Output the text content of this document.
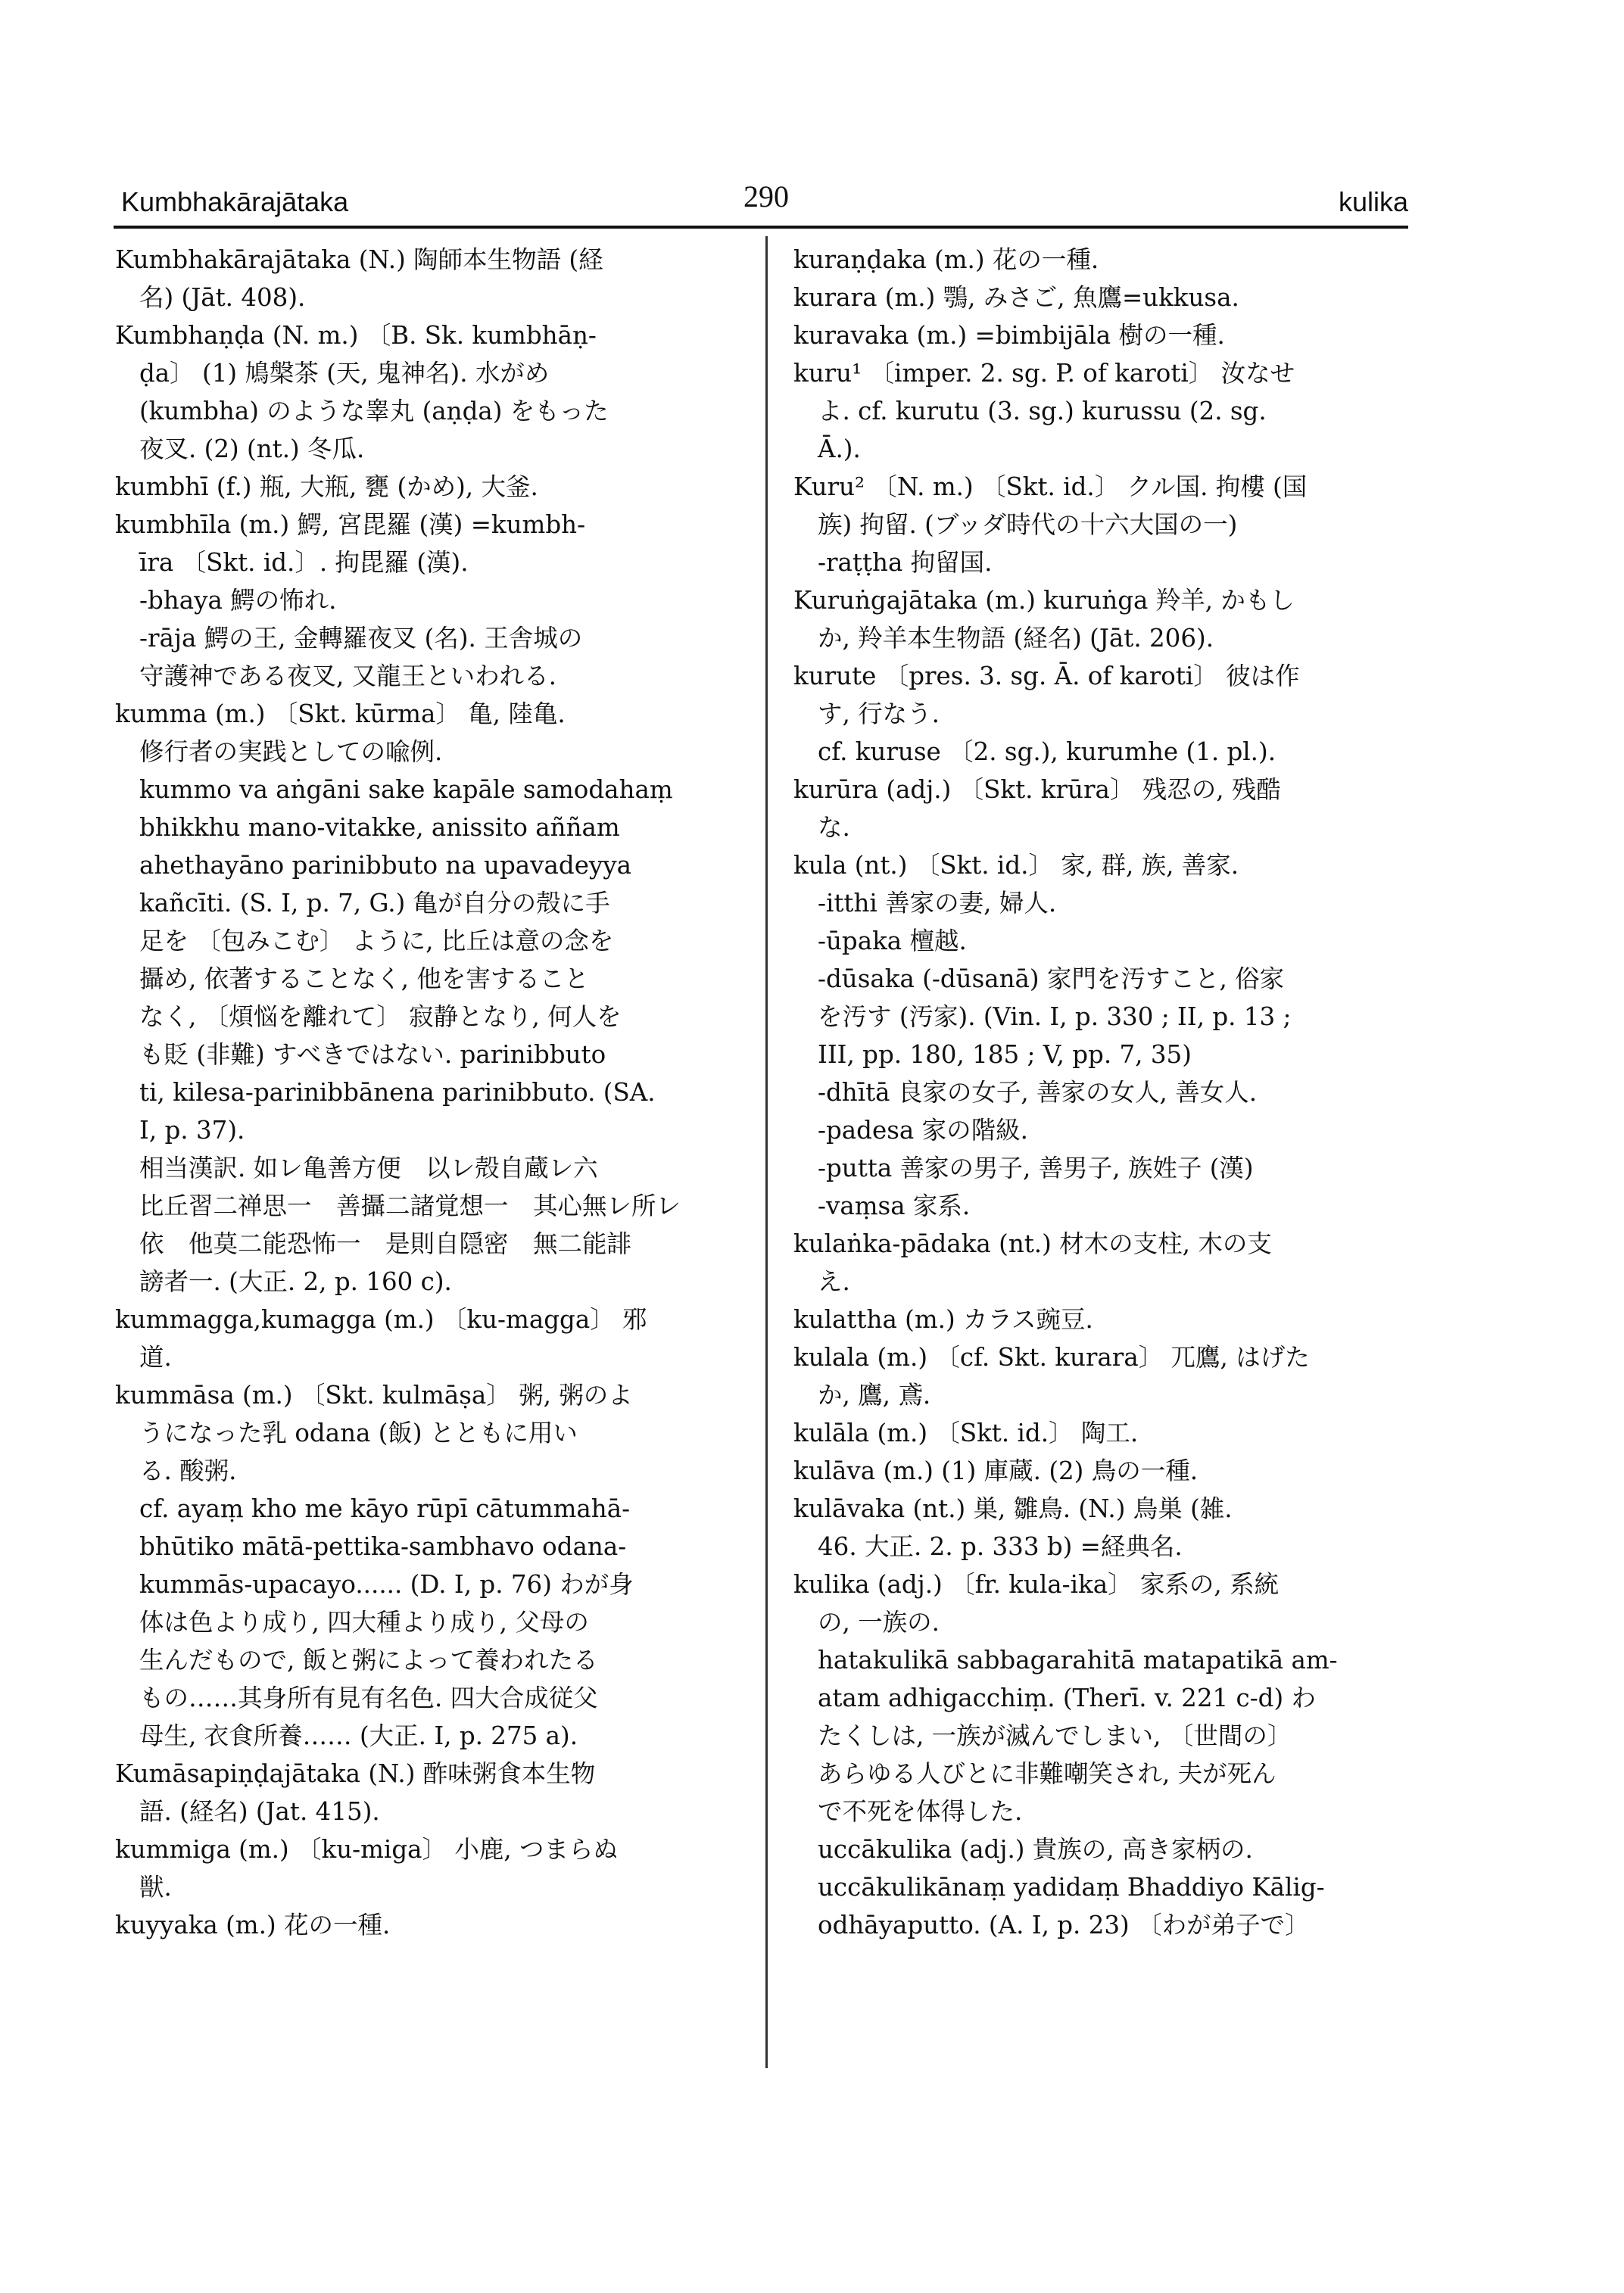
Kumbhakārajātaka	290	kulika
Kumbhakārajātaka (N.) 陶師本生物語 (経
名) (Jāt. 408).
Kumbhaṇḍa (N. m.) 〔B. Sk. kumbhāṇ-
ḍa〕 (1) 鳩槃茶 (天, 鬼神名). 水がめ
(kumbha) のような睾丸 (aṇḍa) をもった
夜叉. (2) (nt.) 冬瓜.
kumbhī (f.) 瓶, 大瓶, 甕 (かめ), 大釜.
kumbhīla (m.) 鰐, 宮毘羅 (漢) =kumbh-
īra 〔Skt. id.〕. 拘毘羅 (漢).
-bhaya 鰐の怖れ.
-rāja 鰐の王, 金轉羅夜叉 (名). 王舎城の
守護神である夜叉, 又龍王といわれる.
kumma (m.) 〔Skt. kūrma〕 亀, 陸亀.
修行者の実践としての喩例.
kummo va aṅgāni sake kapāle samodahaṃ
bhikkhu mano-vitakke, anissito aññam
ahethayāno parinibbuto na upavadeyya
kañcīti. (S. I, p. 7, G.) 亀が自分の殻に手
足を 〔包みこむ〕 ように, 比丘は意の念を
攝め, 依著することなく, 他を害すること
なく, 〔煩悩を離れて〕 寂静となり, 何人を
も貶 (非難) すべきではない. parinibbuto
ti, kilesa-parinibbānena parinibbuto. (SA.
I, p. 37).
相当漢訳. 如レ亀善方便　以レ殻自蔵レ六
比丘習二禅思一　善攝二諸覚想一　其心無レ所レ
依　他莫二能恐怖一　是則自隠密　無二能誹
謗者一. (大正. 2, p. 160 c).
kummagga,kumagga (m.) 〔ku-magga〕 邪
道.
kummāsa (m.) 〔Skt. kulmāṣa〕 粥, 粥のよ
うになった乳 odana (飯) とともに用い
る. 酸粥.
cf. ayaṃ kho me kāyo rūpī cātummahā-
bhūtiko mātā-pettika-sambhavo odana-
kummās-upacayo...... (D. I, p. 76) わが身
体は色より成り, 四大種より成り, 父母の
生んだもので, 飯と粥によって養われたる
もの……其身所有見有名色. 四大合成従父
母生, 衣食所養…… (大正. I, p. 275 a).
Kumāsapiṇḍajātaka (N.) 酢味粥食本生物
語. (経名) (Jat. 415).
kummiga (m.) 〔ku-miga〕 小鹿, つまらぬ
獣.
kuyyaka (m.) 花の一種.
kuraṇḍaka (m.) 花の一種.
kurara (m.) 鶚, みさご, 魚鷹=ukkusa.
kuravaka (m.) =bimbijāla 樹の一種.
kuru¹ 〔imper. 2. sg. P. of karoti〕 汝なせ
よ. cf. kurutu (3. sg.) kurussu (2. sg.
Ā.).
Kuru² 〔N. m.) 〔Skt. id.〕 クル国. 拘樓 (国
族) 拘留. (ブッダ時代の十六大国の一)
-raṭṭha 拘留国.
Kuruṅgajātaka (m.) kuruṅga 羚羊, かもし
か, 羚羊本生物語 (経名) (Jāt. 206).
kurute 〔pres. 3. sg. Ā. of karoti〕 彼は作
す, 行なう.
cf. kuruse 〔2. sg.), kurumhe (1. pl.).
kurūra (adj.) 〔Skt. krūra〕 残忍の, 残酷
な.
kula (nt.) 〔Skt. id.〕 家, 群, 族, 善家.
-itthi 善家の妻, 婦人.
-ūpaka 檀越.
-dūsaka (-dūsanā) 家門を汚すこと, 俗家
を汚す (汚家). (Vin. I, p. 330 ; II, p. 13 ;
III, pp. 180, 185 ; V, pp. 7, 35)
-dhītā 良家の女子, 善家の女人, 善女人.
-padesa 家の階級.
-putta 善家の男子, 善男子, 族姓子 (漢)
-vaṃsa 家系.
kulaṅka-pādaka (nt.) 材木の支柱, 木の支
え.
kulattha (m.) カラス豌豆.
kulala (m.) 〔cf. Skt. kurara〕 兀鷹, はげた
か, 鷹, 鳶.
kulāla (m.) 〔Skt. id.〕 陶工.
kulāva (m.) (1) 庫蔵. (2) 鳥の一種.
kulāvaka (nt.) 巣, 雛鳥. (N.) 鳥巣 (雑.
46. 大正. 2. p. 333 b) =経典名.
kulika (adj.) 〔fr. kula-ika〕 家系の, 系統
の, 一族の.
hatakulikā sabbagarahitā matapatikā am-
atam adhigacchiṃ. (Therī. v. 221 c-d) わ
たくしは, 一族が滅んでしまい, 〔世間の〕
あらゆる人びとに非難嘲笑され, 夫が死ん
で不死を体得した.
uccākulika (adj.) 貴族の, 高き家柄の.
uccākulikānaṃ yadidaṃ Bhaddiyo Kālig-
odhāyaputto. (A. I, p. 23) 〔わが弟子で〕
